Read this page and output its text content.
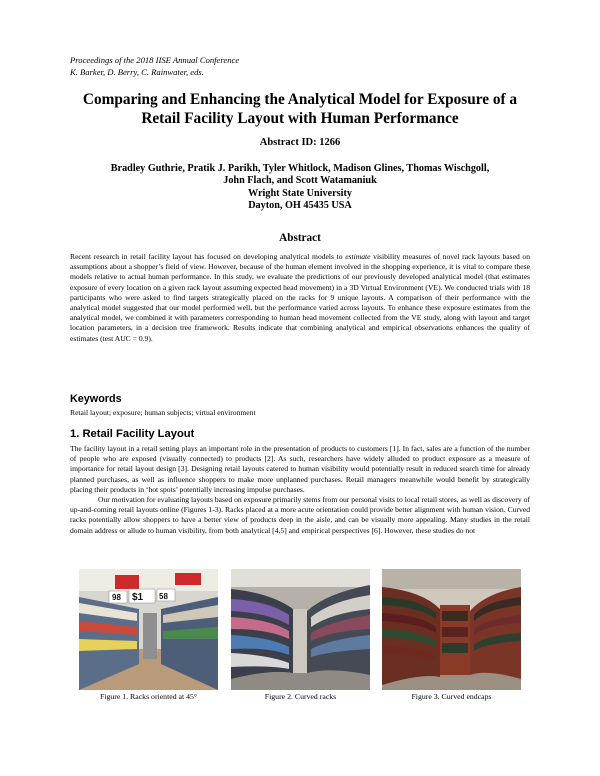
Proceedings of the 2018 IISE Annual Conference
K. Barker, D. Berry, C. Rainwater, eds.
Comparing and Enhancing the Analytical Model for Exposure of a
Retail Facility Layout with Human Performance
Abstract ID: 1266
Bradley Guthrie, Pratik J. Parikh, Tyler Whitlock, Madison Glines, Thomas Wischgoll,
John Flach, and Scott Watamaniuk
Wright State University
Dayton, OH 45435 USA
Abstract
Recent research in retail facility layout has focused on developing analytical models to estimate visibility measures of novel rack layouts based on assumptions about a shopper’s field of view. However, because of the human element involved in the shopping experience, it is vital to compare these models relative to actual human performance. In this study, we evaluate the predictions of our previously developed analytical model (that estimates exposure of every location on a given rack layout assuming expected head movement) in a 3D Virtual Environment (VE). We conducted trials with 18 participants who were asked to find targets strategically placed on the racks for 9 unique layouts. A comparison of their performance with the analytical model suggested that our model performed well, but the performance varied across layouts. To enhance these exposure estimates from the analytical model, we combined it with parameters corresponding to human head movement collected from the VE study, along with layout and target location parameters, in a decision tree framework. Results indicate that combining analytical and empirical observations enhances the quality of estimates (test AUC = 0.9).
Keywords
Retail layout; exposure; human subjects; virtual environment
1. Retail Facility Layout

The facility layout in a retail setting plays an important role in the presentation of products to customers [1]. In fact, sales are a function of the number of people who are exposed (visually connected) to products [2]. As such, researchers have widely alluded to product exposure as a measure of importance for retail layout design [3]. Designing retail layouts catered to human visibility would potentially result in reduced search time for already planned purchases, as well as influence shoppers to make more unplanned purchases. Retail managers meanwhile would benefit by strategically placing their products in ‘hot spots’ potentially increasing impulse purchases.

Our motivation for evaluating layouts based on exposure primarily stems from our personal visits to local retail stores, as well as discovery of up-and-coming retail layouts online (Figures 1-3). Racks placed at a more acute orientation could provide better alignment with human vision. Curved racks potentially allow shoppers to have a better view of products deep in the aisle, and can be visually more appealing. Many studies in the retail domain address or allude to human visibility, from both analytical [4,5] and empirical perspectives [6]. However, these studies do not

98 $1 58
Figure 1. Racks oriented at 45°	Figure 2. Curved racks	Figure 3. Curved endcaps
